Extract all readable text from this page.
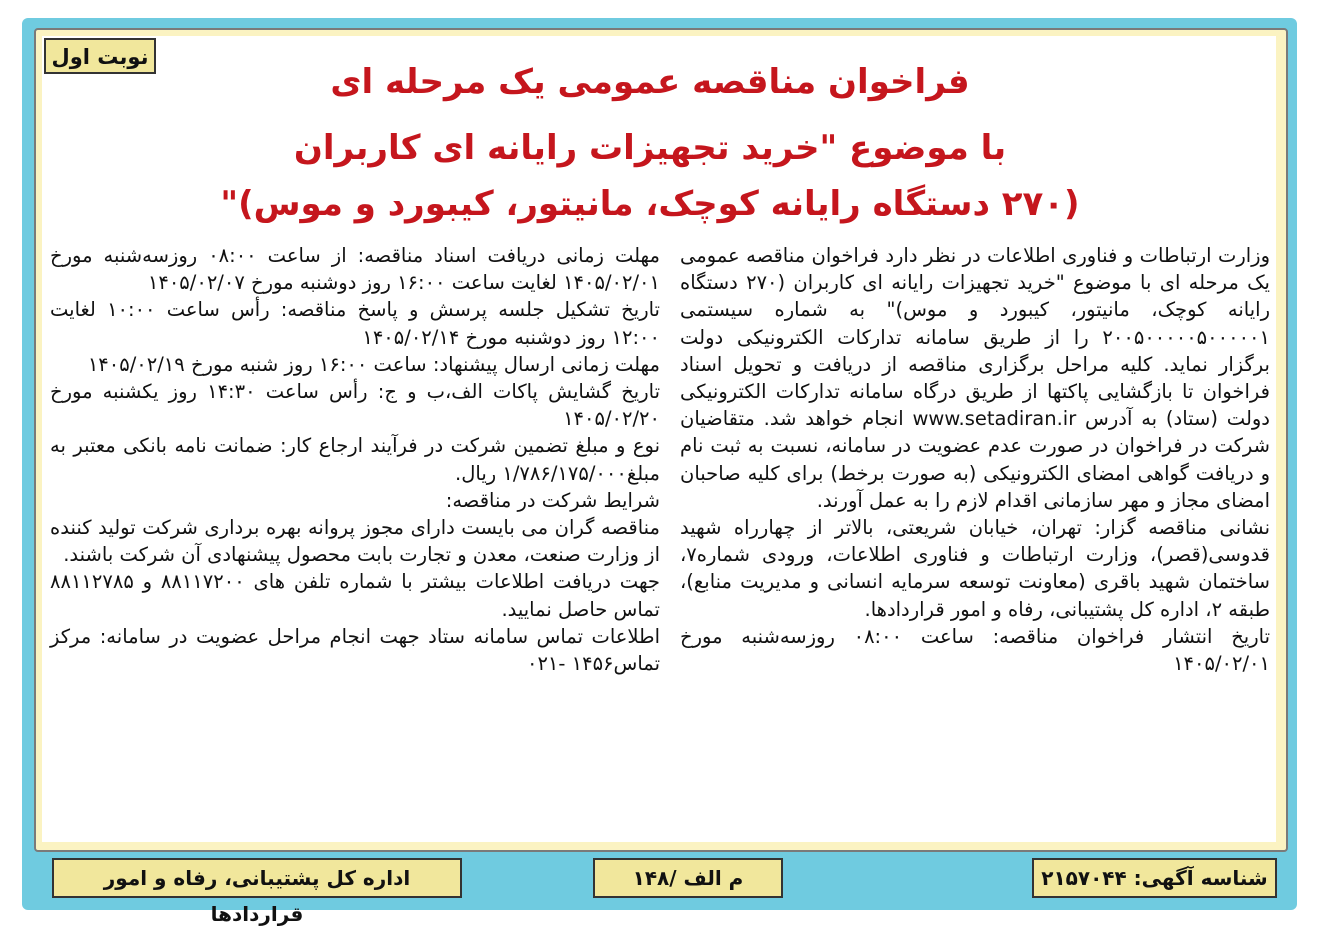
نوبت اول
فراخوان مناقصه عمومی یک مرحله ای
با موضوع "خرید تجهیزات رایانه ای کاربران
(۲۷۰ دستگاه رایانه کوچک، مانیتور، کیبورد و موس)"

وزارت ارتباطات و فناوری اطلاعات در نظر دارد فراخوان مناقصه عمومی یک مرحله ای با موضوع "خرید تجهیزات رایانه ای کاربران (۲۷۰ دستگاه رایانه کوچک، مانیتور، کیبورد و موس)" به شماره سیستمی ۲۰۰۵۰۰۰۰۰۵۰۰۰۰۰۱ را از طریق سامانه تدارکات الکترونیکی دولت برگزار نماید. کلیه مراحل برگزاری مناقصه از دریافت و تحویل اسناد فراخوان تا بازگشایی پاکتها از طریق درگاه سامانه تدارکات الکترونیکی دولت (ستاد) به آدرس www.setadiran.ir انجام خواهد شد. متقاضیان شرکت در فراخوان در صورت عدم عضویت در سامانه، نسبت به ثبت نام و دریافت گواهی امضای الکترونیکی (به صورت برخط) برای کلیه صاحبان امضای مجاز و مهر سازمانی اقدام لازم را به عمل آورند.

نشانی مناقصه گزار: تهران، خیابان شریعتی، بالاتر از چهارراه شهید قدوسی(قصر)، وزارت ارتباطات و فناوری اطلاعات، ورودی شماره۷، ساختمان شهید باقری (معاونت توسعه سرمایه انسانی و مدیریت منابع)، طبقه ۲، اداره کل پشتیبانی، رفاه و امور قراردادها.

تاریخ انتشار فراخوان مناقصه: ساعت ۰۸:۰۰ روزسه‌شنبه مورخ ۱۴۰۵/۰۲/۰۱

مهلت زمانی دریافت اسناد مناقصه: از ساعت ۰۸:۰۰ روزسه‌شنبه مورخ ۱۴۰۵/۰۲/۰۱ لغایت ساعت ۱۶:۰۰ روز دوشنبه مورخ ۱۴۰۵/۰۲/۰۷

تاریخ تشکیل جلسه پرسش و پاسخ مناقصه: رأس ساعت ۱۰:۰۰ لغایت ۱۲:۰۰ روز دوشنبه مورخ ۱۴۰۵/۰۲/۱۴

مهلت زمانی ارسال پیشنهاد: ساعت ۱۶:۰۰ روز شنبه مورخ ۱۴۰۵/۰۲/۱۹

تاریخ گشایش پاکات الف،ب و ج: رأس ساعت ۱۴:۳۰ روز یکشنبه مورخ ۱۴۰۵/۰۲/۲۰

نوع و مبلغ تضمین شرکت در فرآیند ارجاع کار: ضمانت نامه بانکی معتبر به مبلغ۱/۷۸۶/۱۷۵/۰۰۰ ریال.

شرایط شرکت در مناقصه:

مناقصه گران می بایست دارای مجوز پروانه بهره برداری شرکت تولید کننده از وزارت صنعت، معدن و تجارت بابت محصول پیشنهادی آن شرکت باشند.

جهت دریافت اطلاعات بیشتر با شماره تلفن های ۸۸۱۱۷۲۰۰ و ۸۸۱۱۲۷۸۵ تماس حاصل نمایید.

اطلاعات تماس سامانه ستاد جهت انجام مراحل عضویت در سامانه: مرکز تماس۱۴۵۶ -۰۲۱

شناسه آگهی: ۲۱۵۷۰۴۴
م الف /۱۴۸
اداره کل پشتیبانی، رفاه و امور قراردادها
